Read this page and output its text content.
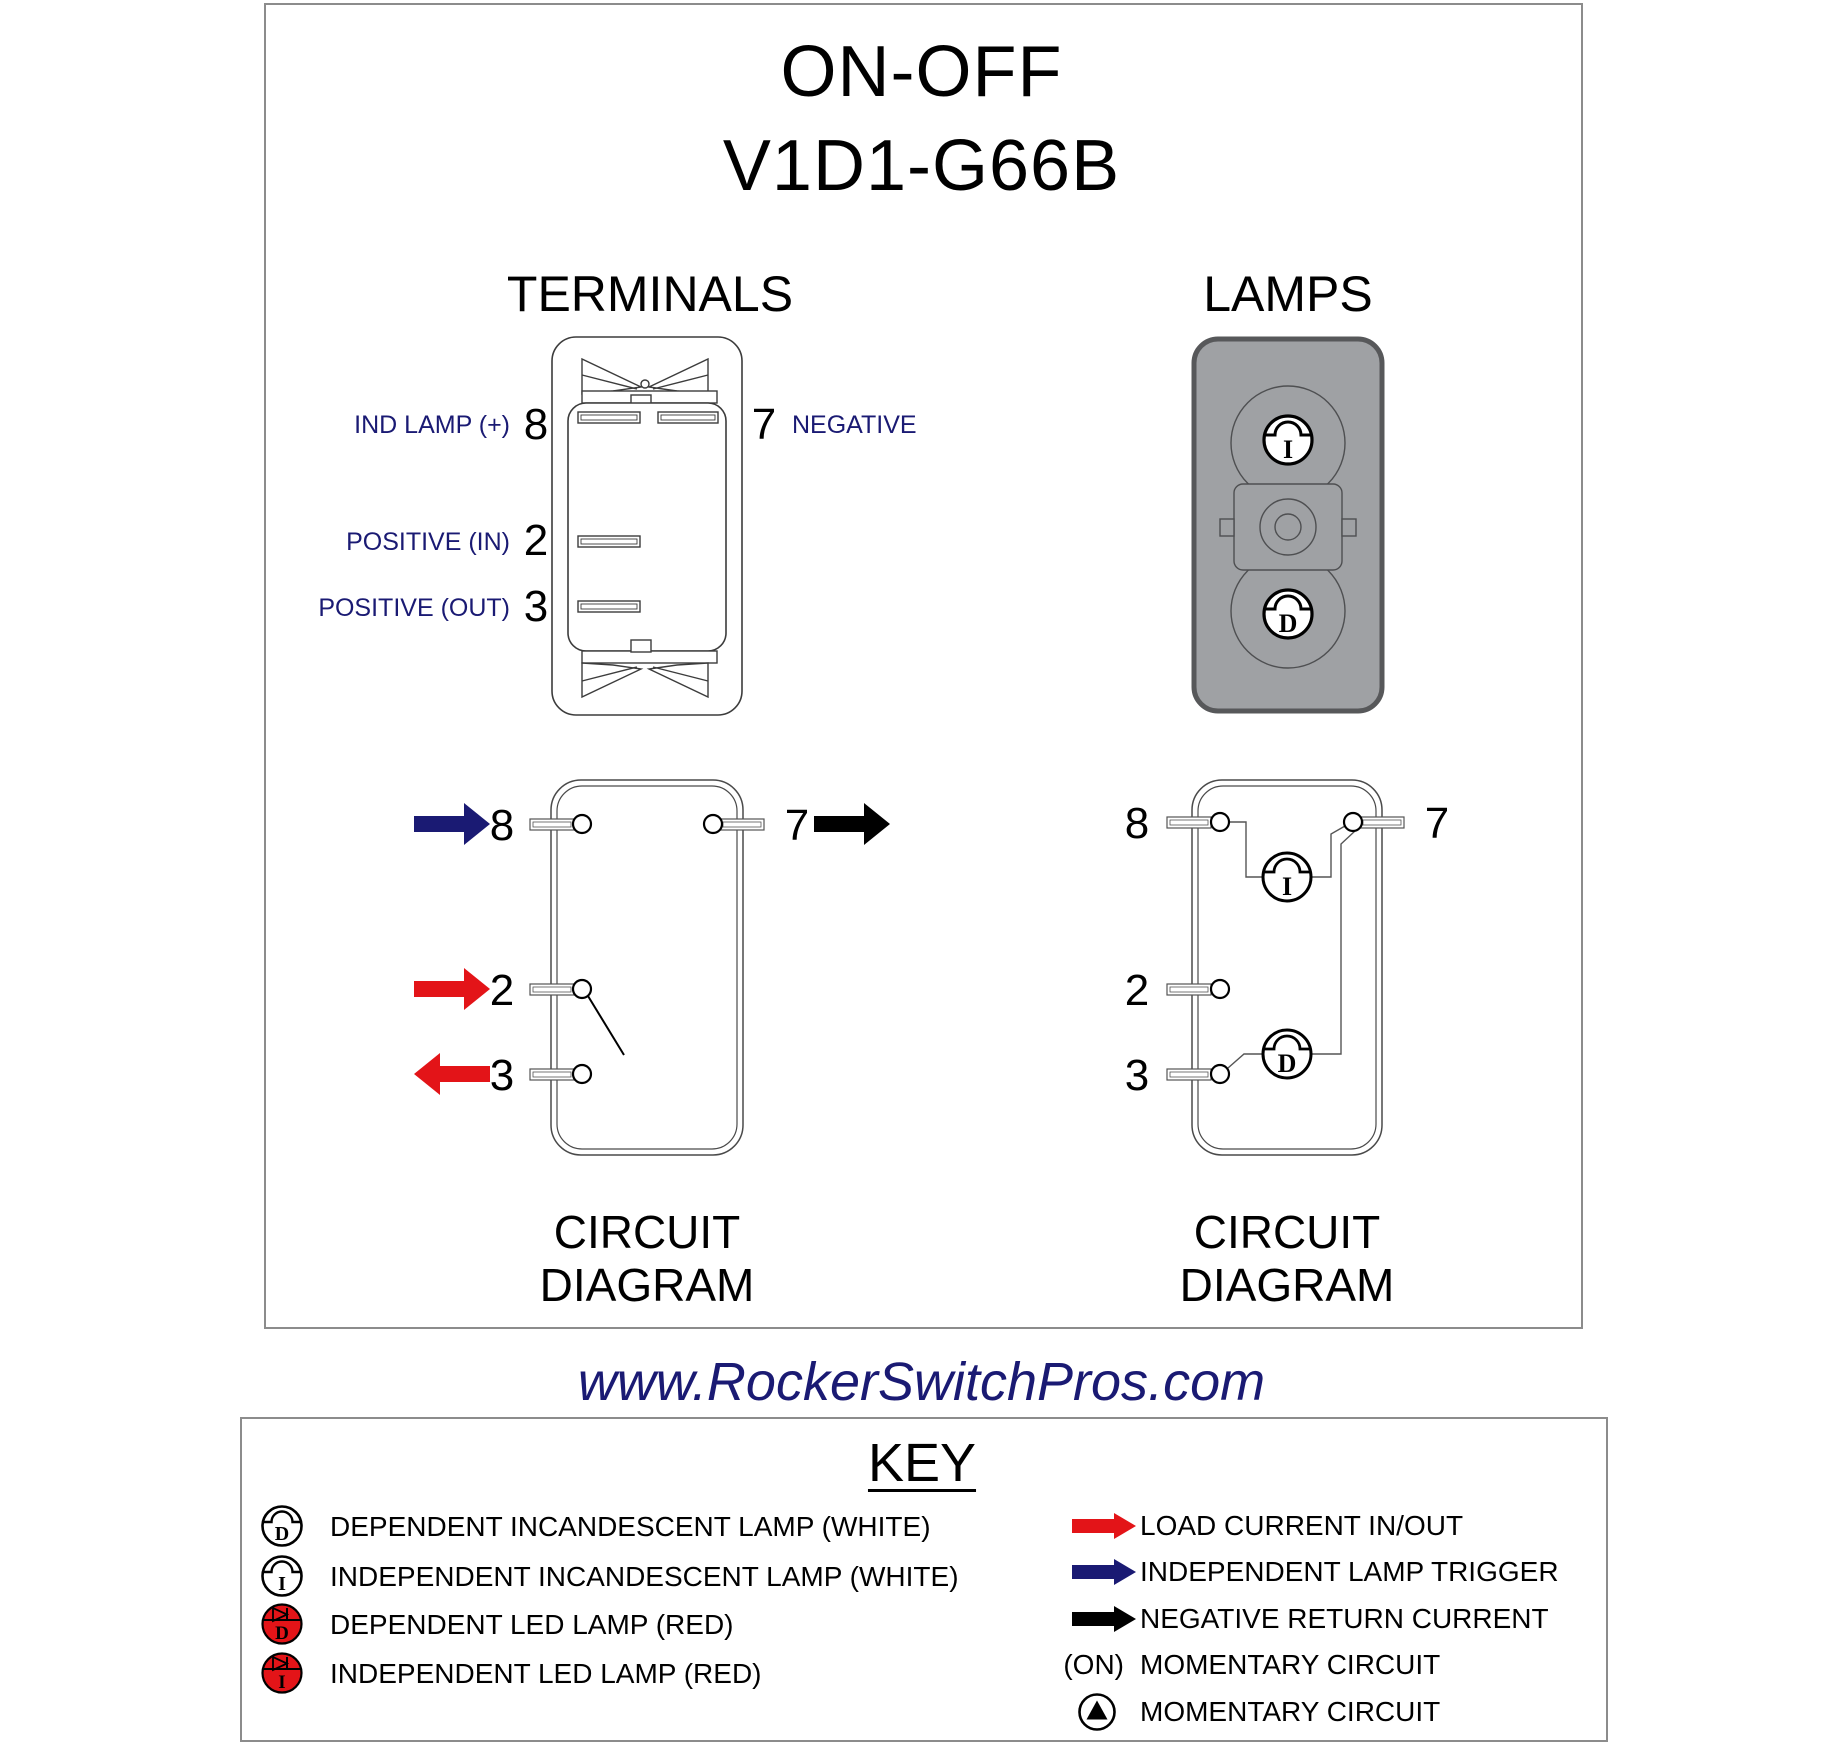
ON-OFF
V1D1-G66B
TERMINALS	LAMPS
IND LAMP (+) 8	7 NEGATIVE
POSITIVE (IN) 2
POSITIVE (OUT) 3
I
D
8	7
2
3
I
D
8	7
2
3
CIRCUIT
DIAGRAM
CIRCUIT
DIAGRAM
www.RockerSwitchPros.com
KEY
D DEPENDENT INCANDESCENT LAMP (WHITE)
I INDEPENDENT INCANDESCENT LAMP (WHITE)
D DEPENDENT LED LAMP (RED)
I INDEPENDENT LED LAMP (RED)
LOAD CURRENT IN/OUT
INDEPENDENT LAMP TRIGGER
NEGATIVE RETURN CURRENT
(ON) MOMENTARY CIRCUIT
MOMENTARY CIRCUIT
